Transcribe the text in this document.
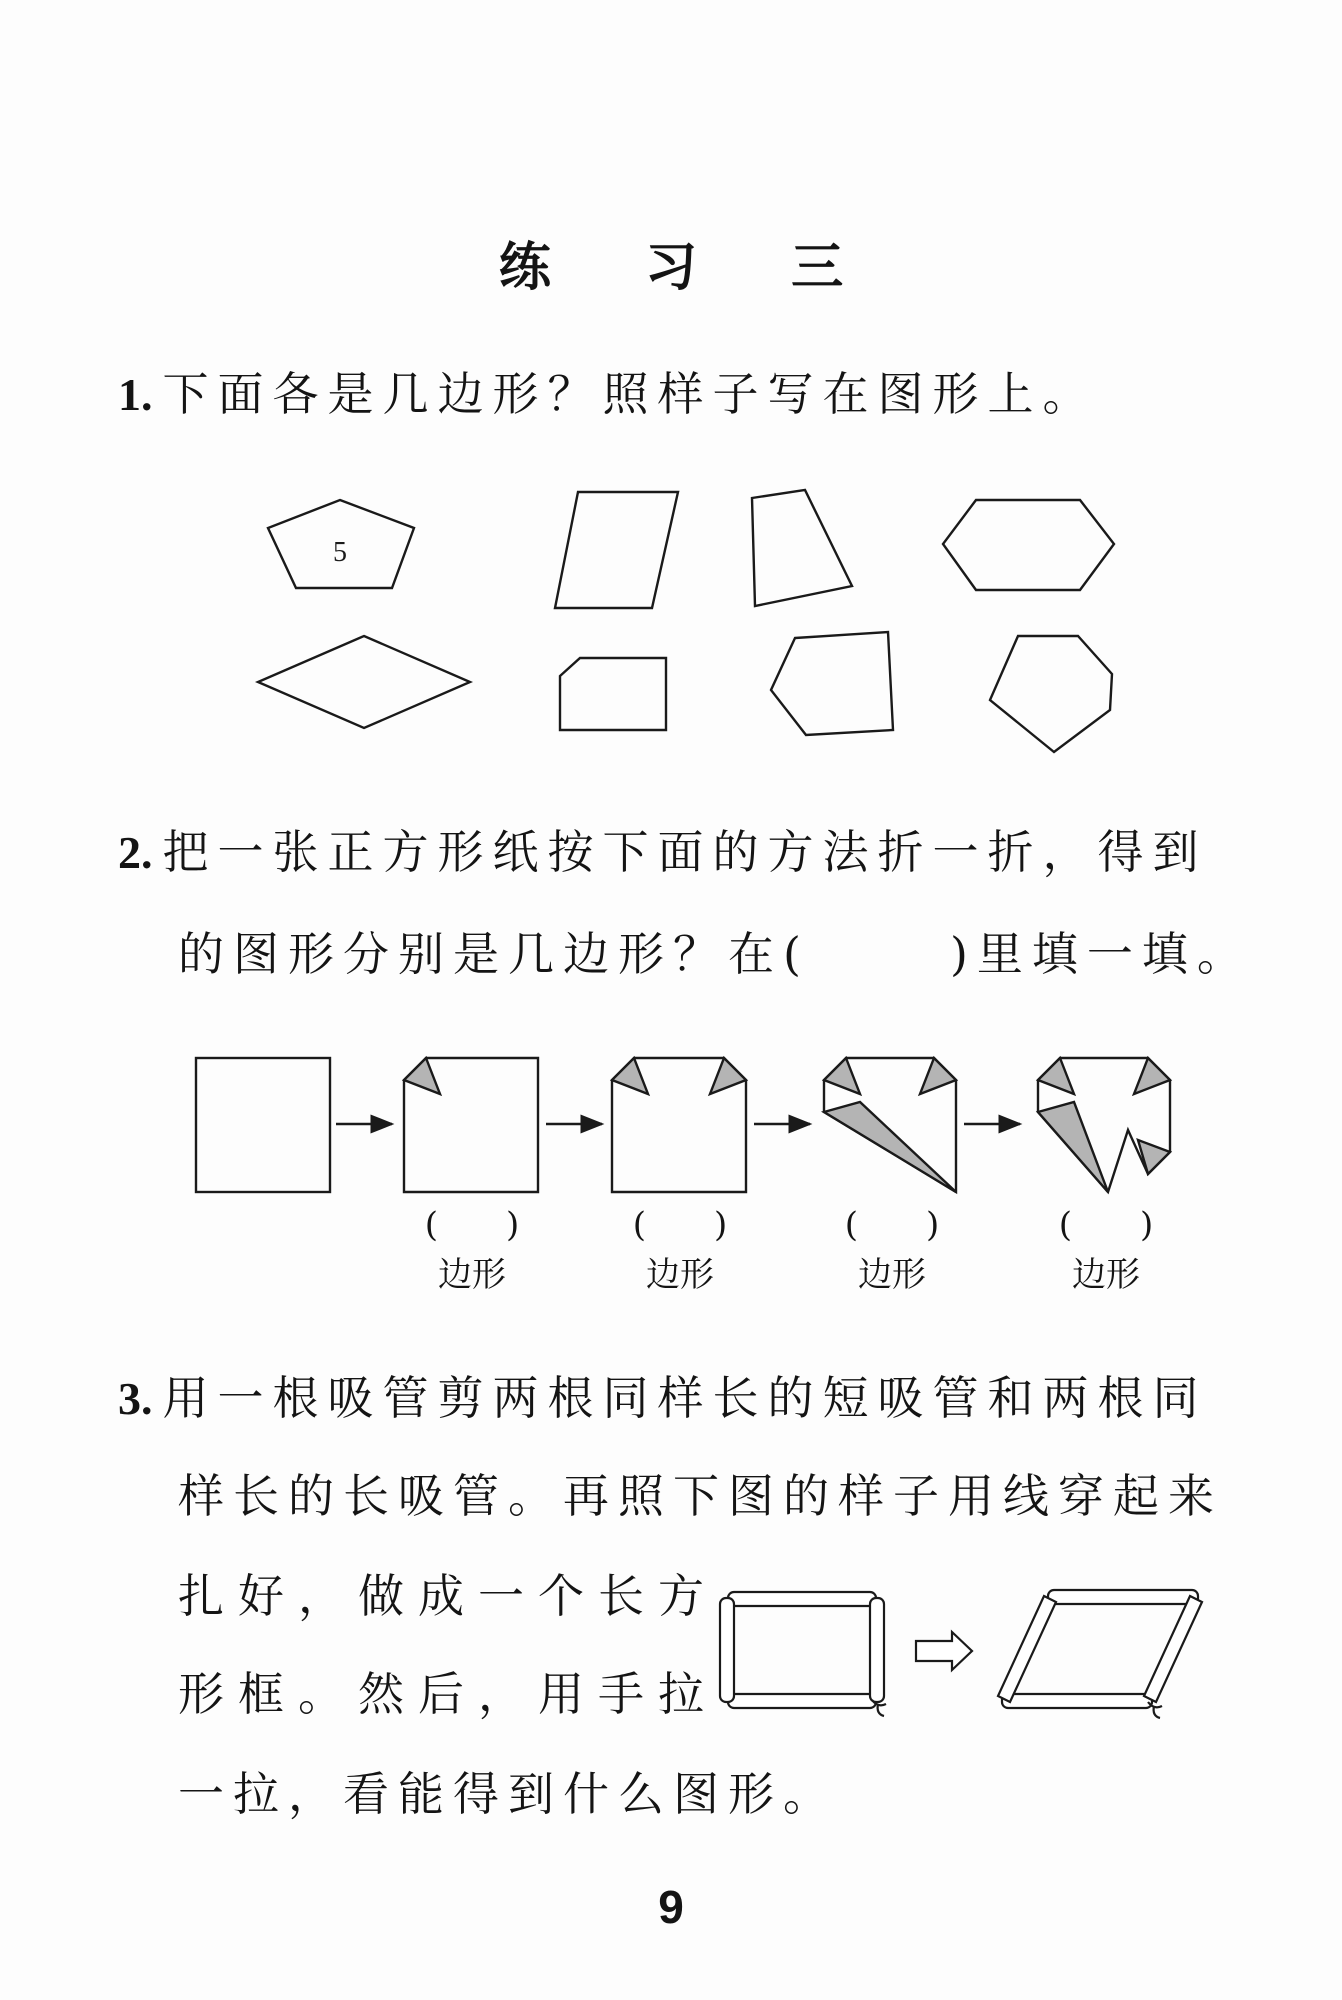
练 习 三
1. 下面各是几边形？照样子写在图形上。
5
2. 把一张正方形纸按下面的方法折一折，得到
的图形分别是几边形？在(	)里填一填。
(　　)
边形
(　　)
边形
(　　)
边形
(　　)
边形
3. 用一根吸管剪两根同样长的短吸管和两根同
样长的长吸管。再照下图的样子用线穿起来
扎好，做成一个长方
形框。然后，用手拉
一拉，看能得到什么图形。
9
